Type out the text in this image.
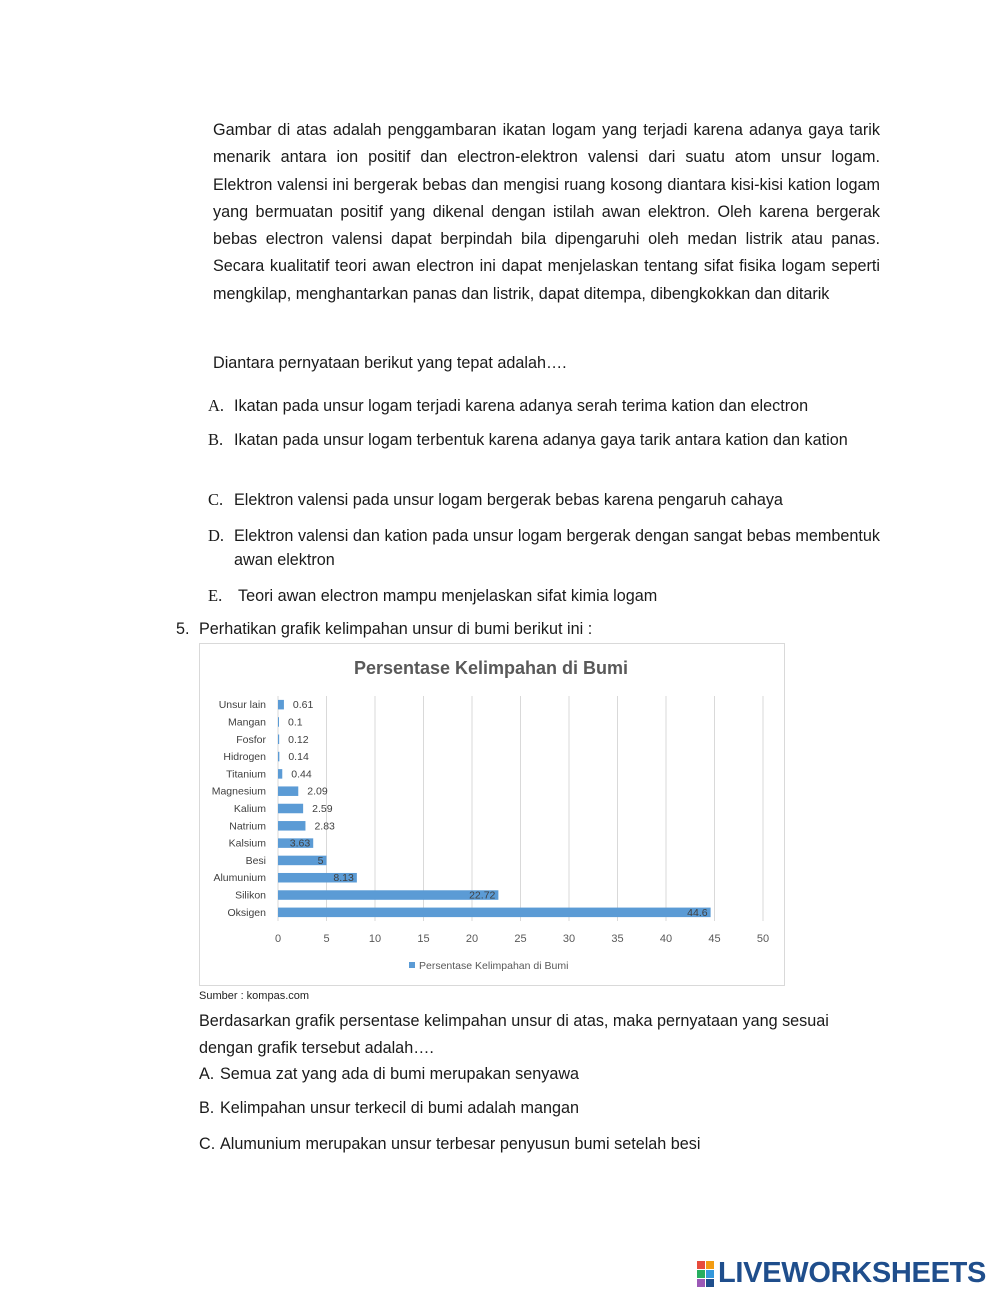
Gambar di atas adalah penggambaran ikatan logam yang terjadi karena adanya gaya tarik menarik antara ion positif dan electron-elektron valensi dari suatu atom unsur logam. Elektron valensi ini bergerak bebas dan mengisi ruang kosong diantara kisi-kisi kation logam yang bermuatan positif yang dikenal dengan istilah awan elektron. Oleh karena bergerak bebas electron valensi dapat berpindah bila dipengaruhi oleh medan listrik atau panas. Secara kualitatif teori awan electron ini dapat menjelaskan tentang sifat fisika logam seperti mengkilap, menghantarkan panas dan listrik, dapat ditempa, dibengkokkan dan ditarik

Diantara pernyataan berikut yang tepat adalah….

A. Ikatan pada unsur logam terjadi karena adanya serah terima kation dan electron
B. Ikatan pada unsur logam terbentuk karena adanya gaya tarik antara kation dan kation
C. Elektron valensi pada unsur logam bergerak bebas karena pengaruh cahaya
D. Elektron valensi dan kation pada unsur logam bergerak dengan sangat bebas membentuk awan elektron
E. Teori awan electron mampu menjelaskan sifat kimia logam
5. Perhatikan grafik kelimpahan unsur di bumi berikut ini :
Persentase Kelimpahan di Bumi
Unsur lain
Mangan
Fosfor
Hidrogen
Titanium
Magnesium
Kalium
Natrium
Kalsium
Besi
Alumunium
Silikon
Oksigen
0	5	10	15	20	25	30	35	40	45	50
0.61
0.1
0.12
0.14
0.44
2.09
2.59
2.83
3.63
5
8.13
22.72
44.6
Persentase Kelimpahan di Bumi
Sumber : kompas.com

Berdasarkan grafik persentase kelimpahan unsur di atas, maka pernyataan yang sesuai dengan grafik tersebut adalah….

A. Semua zat yang ada di bumi merupakan senyawa
B. Kelimpahan unsur terkecil di bumi adalah mangan
C. Alumunium merupakan unsur terbesar penyusun bumi setelah besi
LIVEWORKSHEETS
